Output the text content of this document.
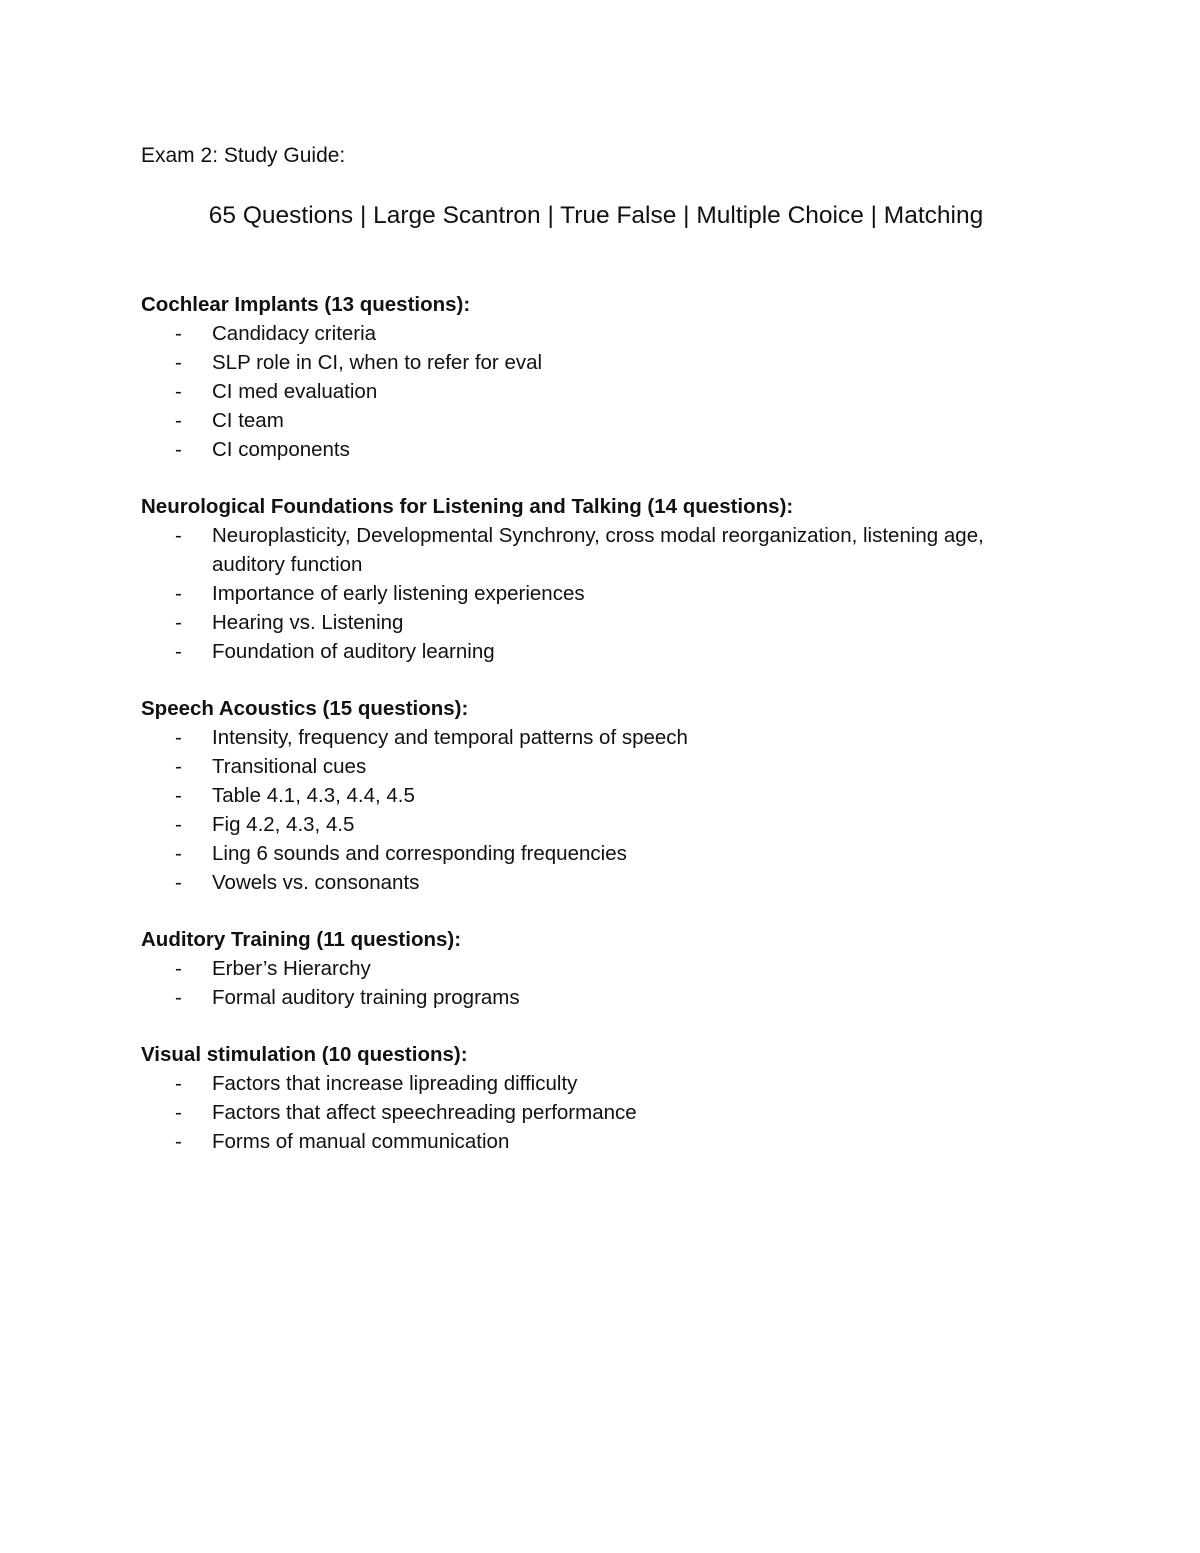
Exam 2: Study Guide:
65 Questions | Large Scantron | True False | Multiple Choice | Matching
Cochlear Implants (13 questions):
- Candidacy criteria
- SLP role in CI, when to refer for eval
- CI med evaluation
- CI team
- CI components
Neurological Foundations for Listening and Talking (14 questions):
- Neuroplasticity, Developmental Synchrony, cross modal reorganization, listening age, auditory function
- Importance of early listening experiences
- Hearing vs. Listening
- Foundation of auditory learning
Speech Acoustics (15 questions):
- Intensity, frequency and temporal patterns of speech
- Transitional cues
- Table 4.1, 4.3, 4.4, 4.5
- Fig 4.2, 4.3, 4.5
- Ling 6 sounds and corresponding frequencies
- Vowels vs. consonants
Auditory Training (11 questions):
- Erber’s Hierarchy
- Formal auditory training programs
Visual stimulation (10 questions):
- Factors that increase lipreading difficulty
- Factors that affect speechreading performance
- Forms of manual communication
